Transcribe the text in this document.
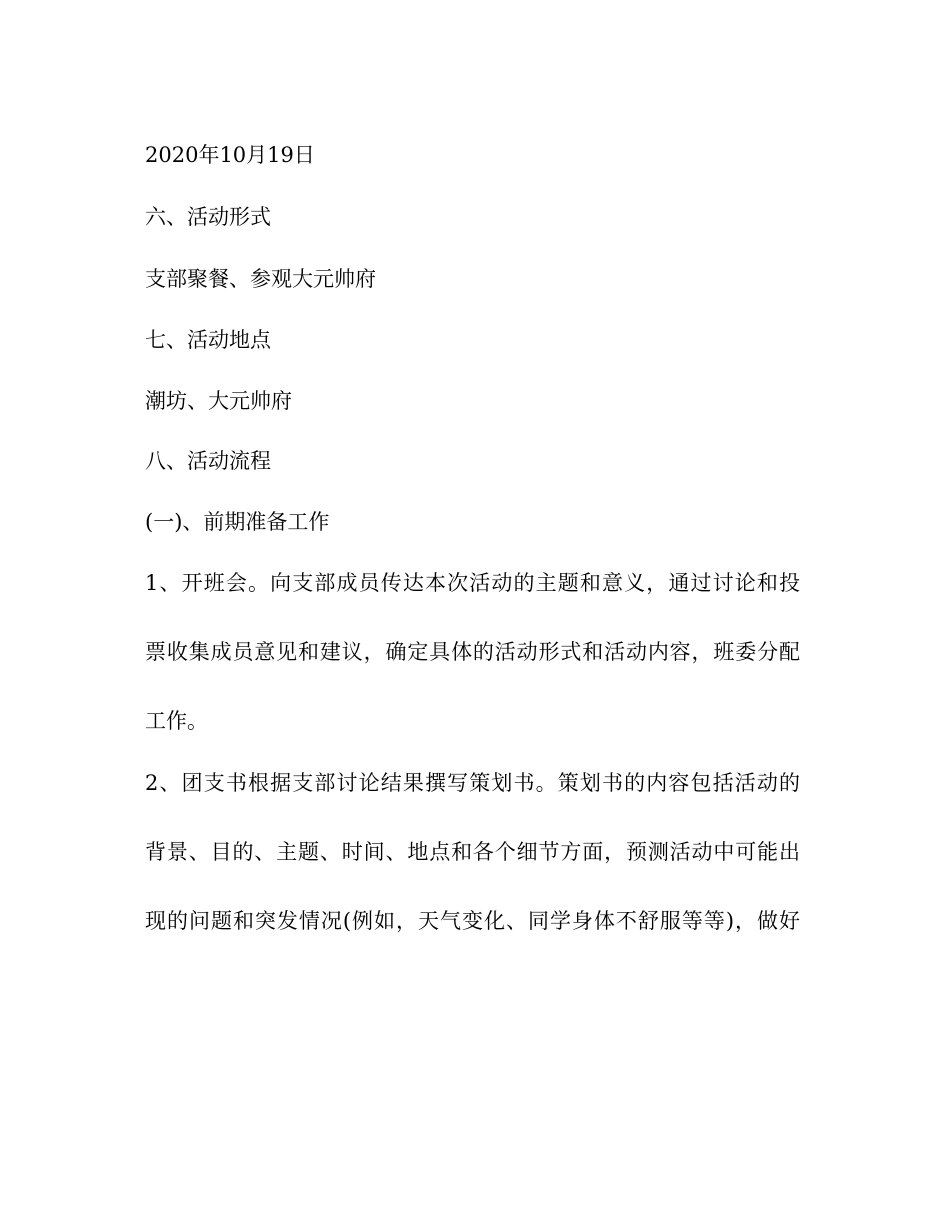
2020年10月19日
六、活动形式
支部聚餐、参观大元帅府
七、活动地点
潮坊、大元帅府
八、活动流程
(一)、前期准备工作
1、开班会。向支部成员传达本次活动的主题和意义，通过讨论和投
票收集成员意见和建议，确定具体的活动形式和活动内容，班委分配
工作。
2、团支书根据支部讨论结果撰写策划书。策划书的内容包括活动的
背景、目的、主题、时间、地点和各个细节方面，预测活动中可能出
现的问题和突发情况(例如，天气变化、同学身体不舒服等等)，做好
